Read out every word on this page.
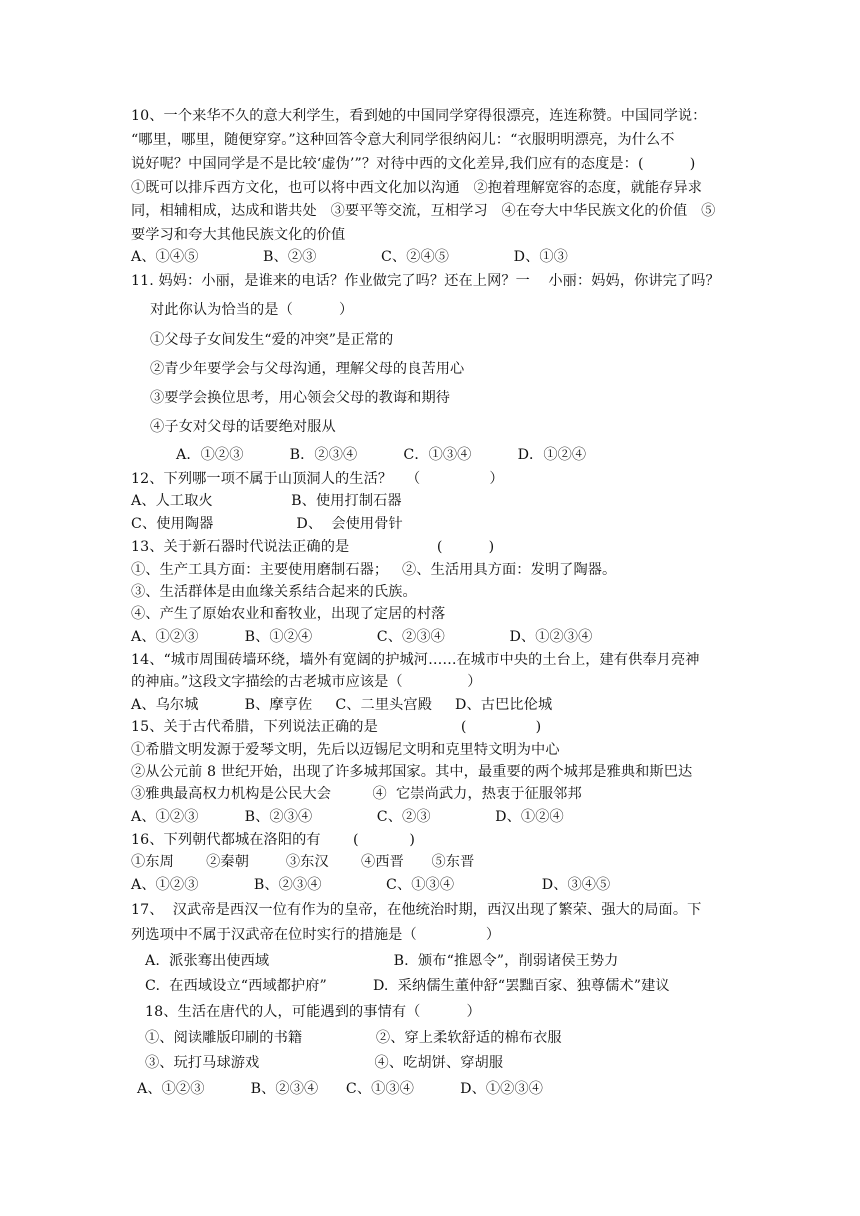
10、一个来华不久的意大利学生，看到她的中国同学穿得很漂亮，连连称赞。中国同学说：
“哪里，哪里，随便穿穿。”这种回答令意大利同学很纳闷儿：“衣服明明漂亮，为什么不
说好呢？中国同学是不是比较‘虚伪’”？对待中西的文化差异,我们应有的态度是：(          )
①既可以排斥西方文化，也可以将中西文化加以沟通   ②抱着理解宽容的态度，就能存异求
同，相辅相成，达成和谐共处   ③要平等交流，互相学习   ④在夸大中华民族文化的价值   ⑤
要学习和夸大其他民族文化的价值
A、①④⑤              B、②③              C、②④⑤              D、①③
11. 妈妈：小丽，是谁来的电话？作业做完了吗？还在上网？一    小丽：妈妈，你讲完了吗？
对此你认为恰当的是（          ）
①父母子女间发生“爱的冲突”是正常的
②青少年要学会与父母沟通，理解父母的良苦用心
③要学会换位思考，用心领会父母的教诲和期待
④子女对父母的话要绝对服从
A．①②③          B．②③④          C．①③④          D．①②④
12、下列哪一项不属于山顶洞人的生活？   （               ）
A、人工取火                 B、使用打制石器
C、使用陶器                  D、  会使用骨针
13、关于新石器时代说法正确的是                   (          )
①、生产工具方面：主要使用磨制石器；   ②、生活用具方面：发明了陶器。
③、生活群体是由血缘关系结合起来的氏族。
④、产生了原始农业和畜牧业，出现了定居的村落
A、①②③          B、①②④              C、②③④              D、①②③④
14、“城市周围砖墙环绕，墙外有宽阔的护城河……在城市中央的土台上，建有供奉月亮神
的神庙。”这段文字描绘的古老城市应该是（              ）
A、乌尔城          B、摩亨佐     C、二里头宫殿     D、古巴比伦城
15、关于古代希腊，下列说法正确的是                  (               )
①希腊文明发源于爱琴文明，先后以迈锡尼文明和克里特文明为中心
②从公元前 8 世纪开始，出现了许多城邦国家。其中，最重要的两个城邦是雅典和斯巴达
③雅典最高权力机构是公民大会         ④  它崇尚武力，热衷于征服邻邦
A、①②③          B、②③④              C、②③              D、①②④
16、下列朝代都城在洛阳的有       (           )
①东周       ②秦朝        ③东汉       ④西晋      ⑤东晋
A、①②③            B、②③④              C、①③④                   D、③④⑤
17、  汉武帝是西汉一位有作为的皇帝，在他统治时期，西汉出现了繁荣、强大的局面。下
列选项中不属于汉武帝在位时实行的措施是（               ）
A.  派张骞出使西域                           B.  颁布“推恩令”，削弱诸侯王势力
C.  在西域设立“西域都护府”          D.  采纳儒生董仲舒“罢黜百家、独尊儒术”建议
18、生活在唐代的人，可能遇到的事情有（          ）
①、阅读雕版印刷的书籍                ②、穿上柔软舒适的棉布衣服
③、玩打马球游戏                         ④、吃胡饼、穿胡服
A、①②③          B、②③④      C、①③④          D、①②③④
